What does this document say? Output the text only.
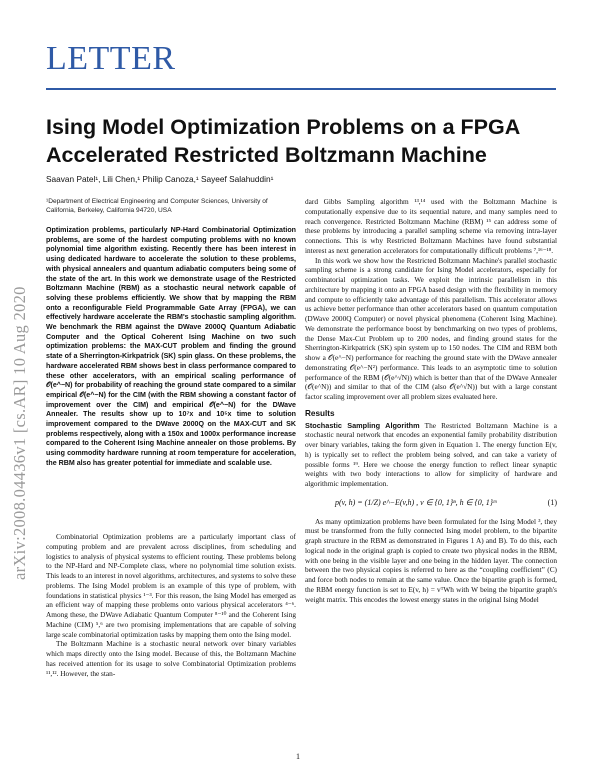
LETTER
Ising Model Optimization Problems on a FPGA Accelerated Restricted Boltzmann Machine
Saavan Patel¹, Lili Chen,¹ Philip Canoza,¹ Sayeef Salahuddin¹
¹Department of Electrical Engineering and Computer Sciences, University of California, Berkeley, California 94720, USA
arXiv:2008.04436v1 [cs.AR] 10 Aug 2020
Optimization problems, particularly NP-Hard Combinatorial Optimization problems, are some of the hardest computing problems with no known polynomial time algorithm existing. Recently there has been interest in using dedicated hardware to accelerate the solution to these problems, with physical annealers and quantum adiabatic computers being some of the state of the art. In this work we demonstrate usage of the Restricted Boltzmann Machine (RBM) as a stochastic neural network capable of solving these problems efficiently. We show that by mapping the RBM onto a reconfigurable Field Programmable Gate Array (FPGA), we can effectively hardware accelerate the RBM's stochastic sampling algorithm. We benchmark the RBM against the DWave 2000Q Quantum Adiabatic Computer and the Optical Coherent Ising Machine on two such optimization problems: the MAX-CUT problem and finding the ground state of a Sherrington-Kirkpatrick (SK) spin glass. On these problems, the hardware accelerated RBM shows best in class performance compared to these other accelerators, with an empirical scaling performance of 𝒪(e^−N) for probability of reaching the ground state compared to a similar empirical 𝒪(e^−N) for the CIM (with the RBM showing a constant factor of improvement over the CIM) and empirical 𝒪(e^−N) for the DWave Annealer. The results show up to 10⁷x and 10⁵x time to solution improvement compared to the DWave 2000Q on the MAX-CUT and SK problems respectively, along with a 150x and 1000x performance increase compared to the Coherent Ising Machine annealer on those problems. By using commodity hardware running at room temperature for acceleration, the RBM also has greater potential for immediate and scalable use.

Combinatorial Optimization problems are a particularly important class of computing problem and are prevalent across disciplines, from scheduling and logistics to analysis of physical systems to efficient routing. These problems belong to the NP-Hard and NP-Complete class, where no polynomial time solution exists. This leads to an interest in novel algorithms, architectures, and systems to solve these problems. The Ising Model problem is an example of this type of problem, with foundations in statistical physics ¹⁻³. For this reason, the Ising Model has emerged as an efficient way of mapping these problems onto various physical accelerators ⁴⁻⁶. Among these, the DWave Adiabatic Quantum Computer ⁸⁻¹⁰ and the Coherent Ising Machine (CIM) ⁵,⁶ are two promising implementations that are capable of solving large scale combinatorial optimization tasks by mapping them onto the Ising model.

The Boltzmann Machine is a stochastic neural network over binary variables which maps directly onto the Ising model. Because of this, the Boltzmann Machine has received attention for its usage to solve Combinatorial Optimization problems ¹¹,¹². However, the stan-

dard Gibbs Sampling algorithm ¹³,¹⁴ used with the Boltzmann Machine is computationally expensive due to its sequential nature, and many samples need to reach convergence. Restricted Boltzmann Machine (RBM) ¹⁵ can address some of these problems by introducing a parallel sampling scheme via removing intra-layer connections. This is why Restricted Boltzmann Machines have found substantial interest as next generation accelerators for computationally difficult problems ⁷,¹⁶⁻¹⁸.

In this work we show how the Restricted Boltzmann Machine's parallel stochastic sampling scheme is a strong candidate for Ising Model accelerators, especially for combinatorial optimization tasks. We exploit the intrinsic parallelism in this architecture by mapping it onto an FPGA based design with the flexibility in memory and compute to efficiently take advantage of this parallelism. This accelerator allows us achieve better performance than other accelerators based on quantum computation (DWave 2000Q Computer) or novel physical phenomena (Coherent Ising Machine). We demonstrate the performance boost by benchmarking on two types of problems, the Dense Max-Cut Problem up to 200 nodes, and finding ground states for the Sherrington-Kirkpatrick (SK) spin system up to 150 nodes. The CIM and RBM both show a 𝒪(e^−N) performance for reaching the ground state with the DWave annealer demonstrating 𝒪(e^−N²) performance. This leads to an asymptotic time to solution performance of the RBM (𝒪(e^√N)) which is better than that of the DWave Annealer (𝒪(e^N)) and similar to that of the CIM (also 𝒪(e^√N)) but with a large constant factor scaling improvement over all problem sizes evaluated here.

Results

Stochastic Sampling Algorithm The Restricted Boltzmann Machine is a stochastic neural network that encodes an exponential family probability distribution over binary variables, taking the form given in Equation 1. The energy function E(v, h) is typically set to reflect the problem being solved, and can take a variety of possible forms ¹⁹. Here we choose the energy function to reflect linear synaptic weights with two body interactions to allow for simplicity of hardware and algorithmic implementation.

p(v, h) = (1/Z) e^−E(v,h) , v ∈ {0, 1}ⁿ, h ∈ {0, 1}ᵐ	(1)

As many optimization problems have been formulated for the Ising Model ³, they must be transformed from the fully connected Ising model problem, to the bipartite graph structure in the RBM as demonstrated in Figures 1 A) and B). To do this, each logical node in the original graph is copied to create two physical nodes in the RBM, with one being in the visible layer and one being in the hidden layer. The connection between the two physical copies is referred to here as the “coupling coefficient” (C) and force both nodes to remain at the same value. Once the bipartite graph is formed, the RBM energy function is set to E(v, h) = vᵀWh with W being the bipartite graph's weight matrix. This encodes the lowest energy states in the original Ising Model

1
